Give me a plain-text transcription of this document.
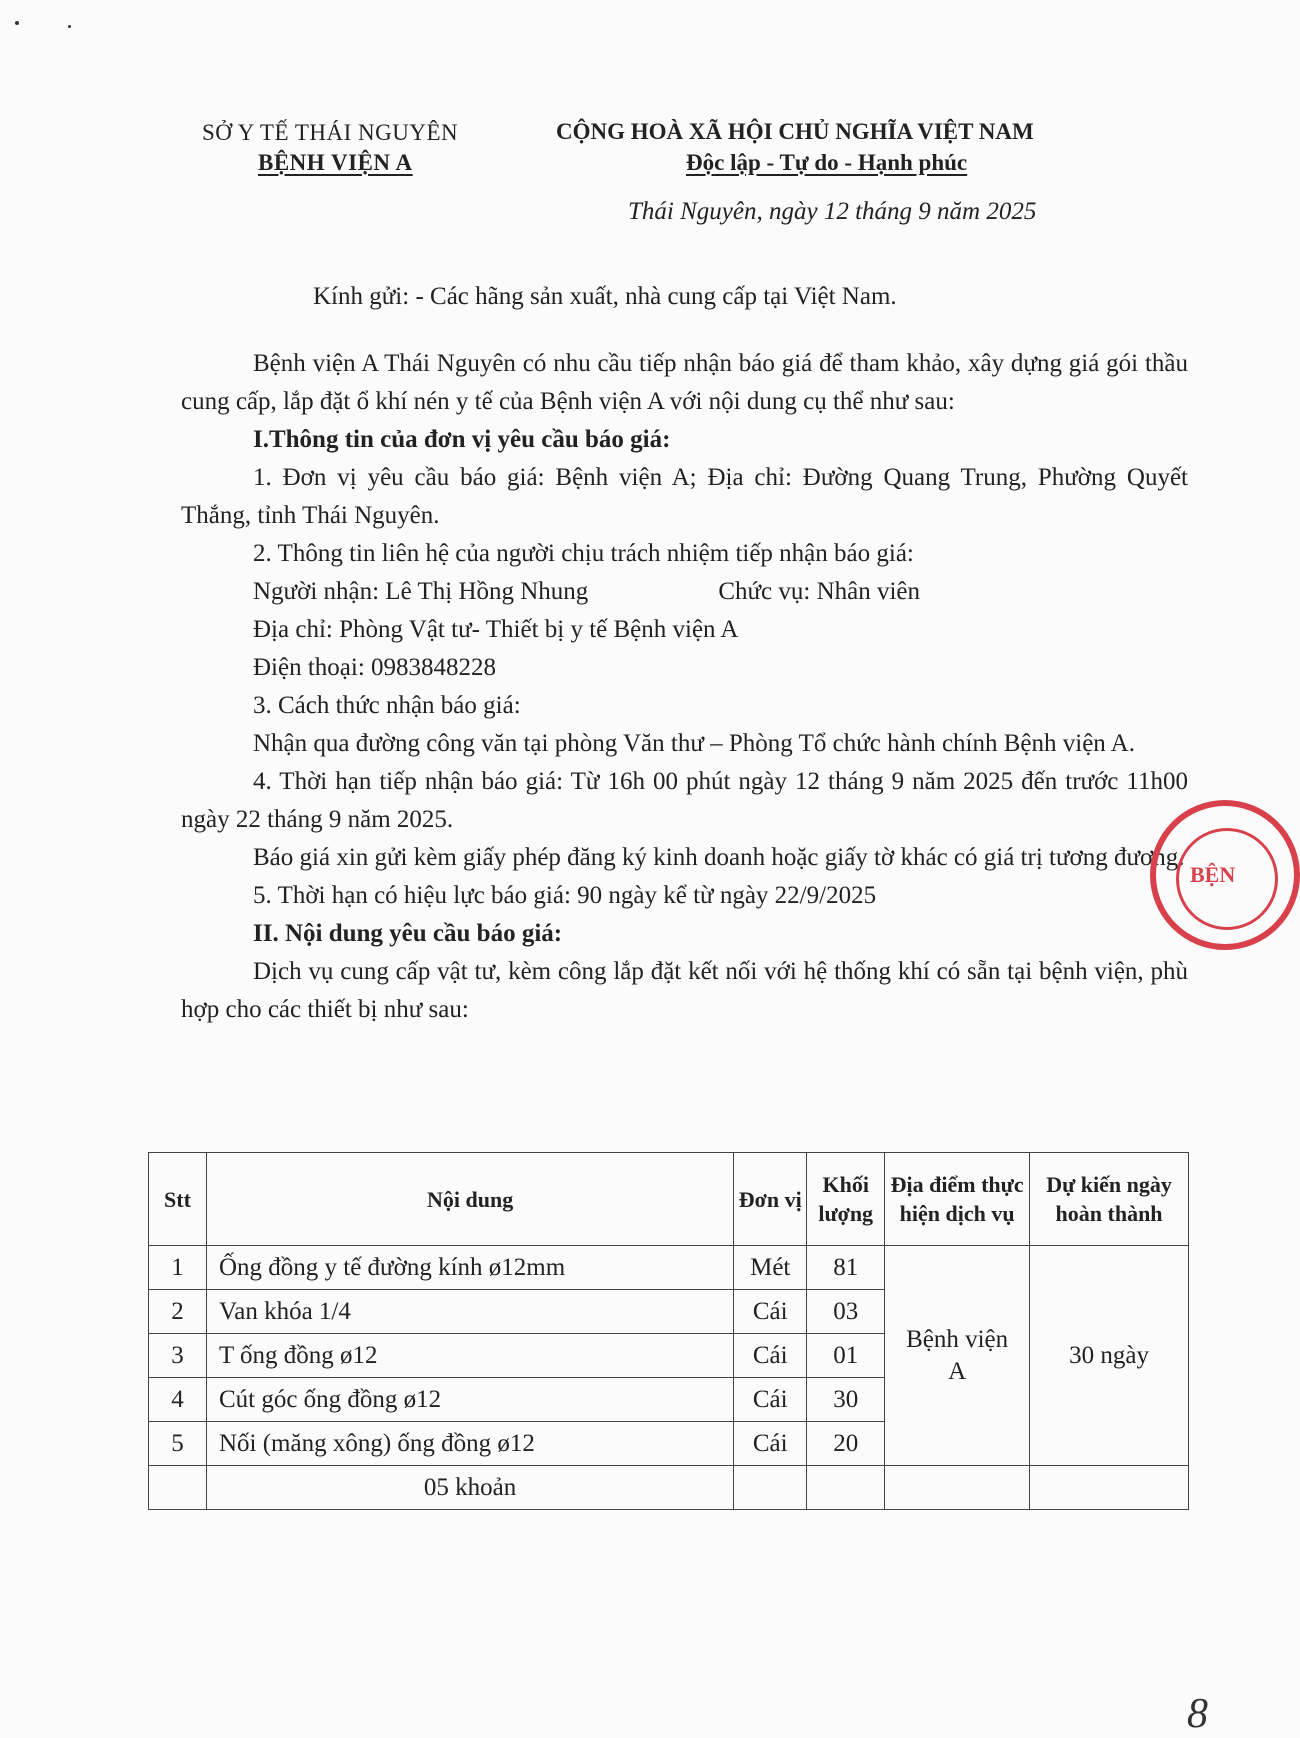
SỞ Y TẾ THÁI NGUYÊN
BỆNH VIỆN A
CỘNG HOÀ XÃ HỘI CHỦ NGHĨA VIỆT NAM
Độc lập - Tự do - Hạnh phúc
Thái Nguyên, ngày 12 tháng 9 năm 2025
Kính gửi: - Các hãng sản xuất, nhà cung cấp tại Việt Nam.

Bệnh viện A Thái Nguyên có nhu cầu tiếp nhận báo giá để tham khảo, xây dựng giá gói thầu cung cấp, lắp đặt ổ khí nén y tế của Bệnh viện A với nội dung cụ thể như sau:

I.Thông tin của đơn vị yêu cầu báo giá:

1. Đơn vị yêu cầu báo giá: Bệnh viện A; Địa chỉ: Đường Quang Trung, Phường Quyết Thắng, tỉnh Thái Nguyên.

2. Thông tin liên hệ của người chịu trách nhiệm tiếp nhận báo giá:

Người nhận: Lê Thị Hồng Nhung	Chức vụ: Nhân viên

Địa chỉ: Phòng Vật tư- Thiết bị y tế Bệnh viện A

Điện thoại: 0983848228

3. Cách thức nhận báo giá:

Nhận qua đường công văn tại phòng Văn thư – Phòng Tổ chức hành chính Bệnh viện A.

4. Thời hạn tiếp nhận báo giá: Từ 16h 00 phút ngày 12 tháng 9 năm 2025 đến trước 11h00 ngày 22 tháng 9 năm 2025.

Báo giá xin gửi kèm giấy phép đăng ký kinh doanh hoặc giấy tờ khác có giá trị tương đương.

5. Thời hạn có hiệu lực báo giá: 90 ngày kể từ ngày 22/9/2025

II. Nội dung yêu cầu báo giá:

Dịch vụ cung cấp vật tư, kèm công lắp đặt kết nối với hệ thống khí có sẵn tại bệnh viện, phù hợp cho các thiết bị như sau:

Stt	Nội dung	Đơn vị	Khối lượng	Địa điểm thực hiện dịch vụ	Dự kiến ngày hoàn thành
1	Ống đồng y tế đường kính ø12mm	Mét	81	Bệnh viện A	30 ngày
2	Van khóa 1/4	Cái	03		
3	T ống đồng ø12	Cái	01		
4	Cút góc ống đồng ø12	Cái	30		
5	Nối (măng xông) ống đồng ø12	Cái	20		
	05 khoản				
BỆN
8
